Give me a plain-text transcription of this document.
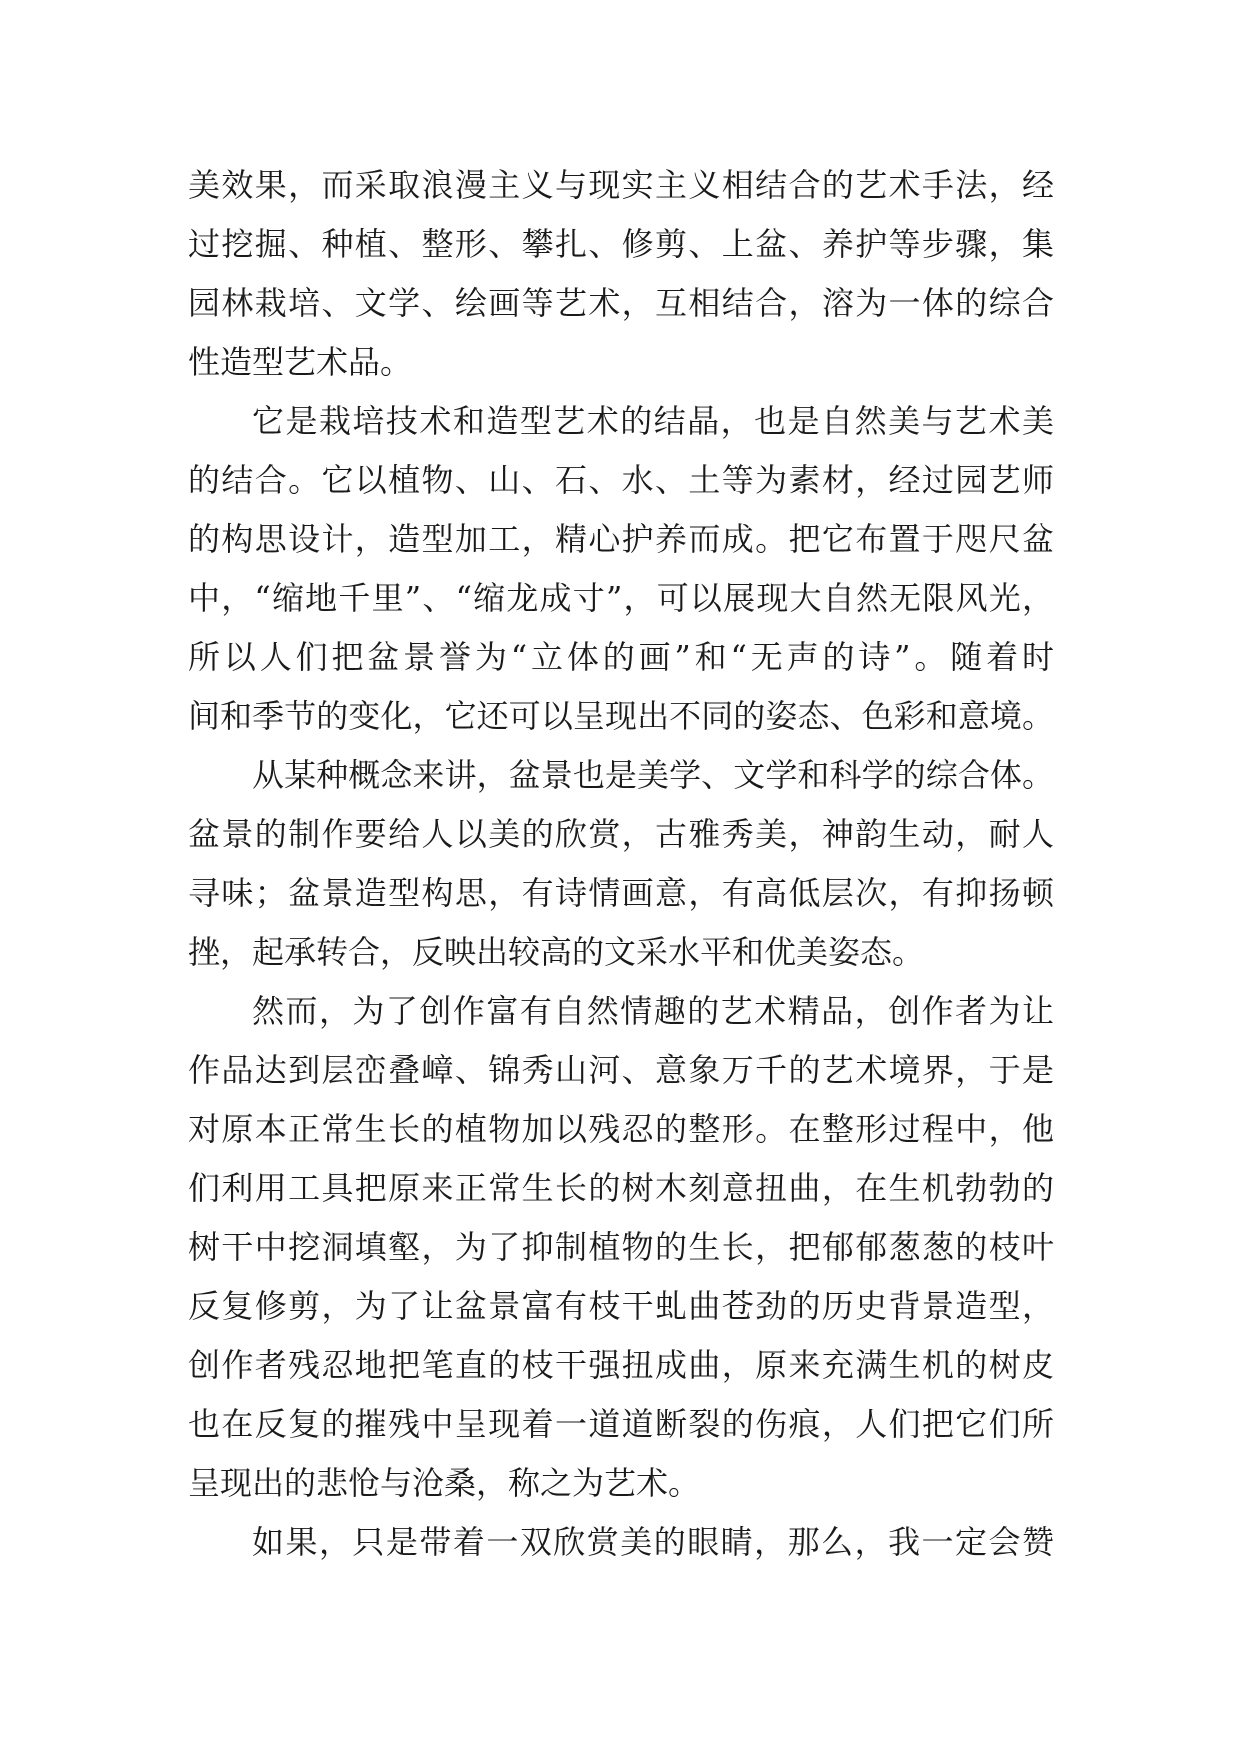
美效果，而采取浪漫主义与现实主义相结合的艺术手法，经
过挖掘、种植、整形、攀扎、修剪、上盆、养护等步骤，集
园林栽培、文学、绘画等艺术，互相结合，溶为一体的综合
性造型艺术品。
它是栽培技术和造型艺术的结晶，也是自然美与艺术美
的结合。它以植物、山、石、水、土等为素材，经过园艺师
的构思设计，造型加工，精心护养而成。把它布置于咫尺盆
中，“缩地千里”、“缩龙成寸”，可以展现大自然无限风光，
所以人们把盆景誉为“立体的画”和“无声的诗”。随着时
间和季节的变化，它还可以呈现出不同的姿态、色彩和意境。
从某种概念来讲，盆景也是美学、文学和科学的综合体。
盆景的制作要给人以美的欣赏，古雅秀美，神韵生动，耐人
寻味；盆景造型构思，有诗情画意，有高低层次，有抑扬顿
挫，起承转合，反映出较高的文采水平和优美姿态。
然而，为了创作富有自然情趣的艺术精品，创作者为让
作品达到层峦叠嶂、锦秀山河、意象万千的艺术境界，于是
对原本正常生长的植物加以残忍的整形。在整形过程中，他
们利用工具把原来正常生长的树木刻意扭曲，在生机勃勃的
树干中挖洞填壑，为了抑制植物的生长，把郁郁葱葱的枝叶
反复修剪，为了让盆景富有枝干虬曲苍劲的历史背景造型，
创作者残忍地把笔直的枝干强扭成曲，原来充满生机的树皮
也在反复的摧残中呈现着一道道断裂的伤痕，人们把它们所
呈现出的悲怆与沧桑，称之为艺术。
如果，只是带着一双欣赏美的眼睛，那么，我一定会赞
